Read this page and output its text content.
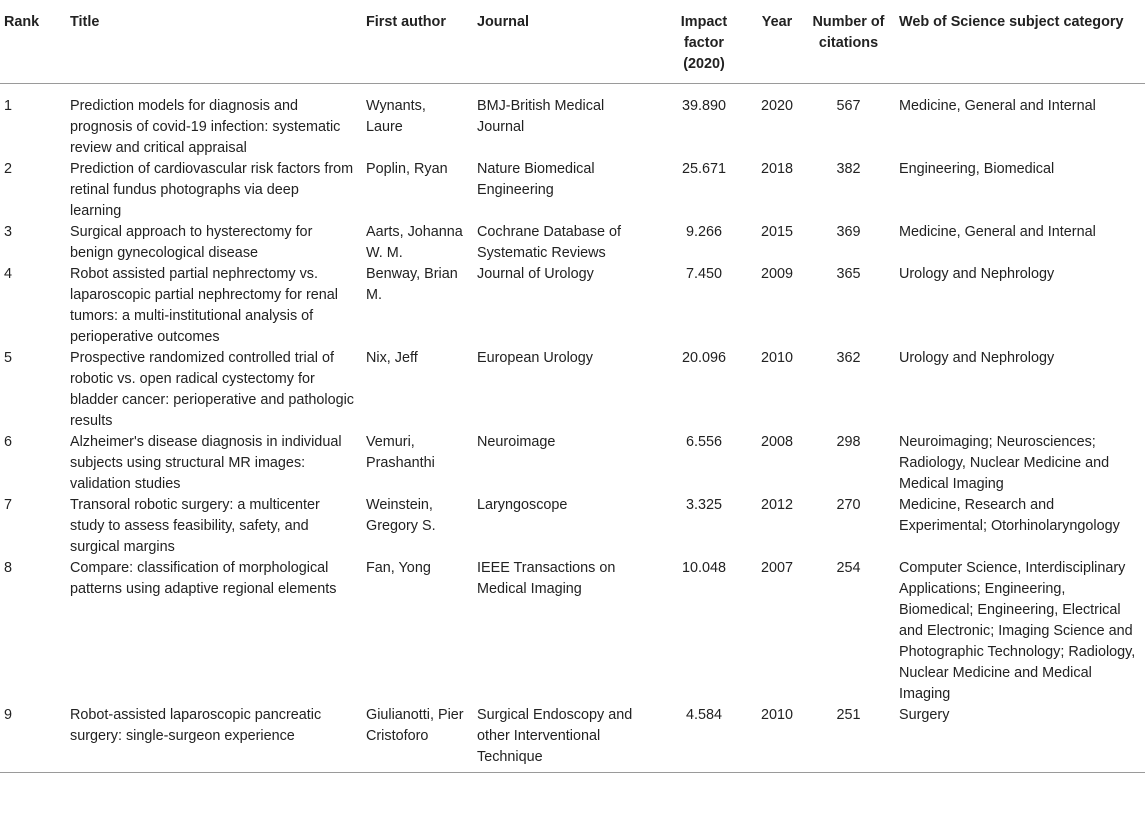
Rank	Title	First author	Journal	Impact factor (2020)	Year	Number of citations	Web of Science subject category
1	Prediction models for diagnosis and prognosis of covid-19 infection: systematic review and critical appraisal	Wynants, Laure	BMJ-British Medical Journal	39.890	2020	567	Medicine, General and Internal
2	Prediction of cardiovascular risk factors from retinal fundus photographs via deep learning	Poplin, Ryan	Nature Biomedical Engineering	25.671	2018	382	Engineering, Biomedical
3	Surgical approach to hysterectomy for benign gynecological disease	Aarts, Johanna W. M.	Cochrane Database of Systematic Reviews	9.266	2015	369	Medicine, General and Internal
4	Robot assisted partial nephrectomy vs. laparoscopic partial nephrectomy for renal tumors: a multi-institutional analysis of perioperative outcomes	Benway, Brian M.	Journal of Urology	7.450	2009	365	Urology and Nephrology
5	Prospective randomized controlled trial of robotic vs. open radical cystectomy for bladder cancer: perioperative and pathologic results	Nix, Jeff	European Urology	20.096	2010	362	Urology and Nephrology
6	Alzheimer's disease diagnosis in individual subjects using structural MR images: validation studies	Vemuri, Prashanthi	Neuroimage	6.556	2008	298	Neuroimaging; Neurosciences; Radiology, Nuclear Medicine and Medical Imaging
7	Transoral robotic surgery: a multicenter study to assess feasibility, safety, and surgical margins	Weinstein, Gregory S.	Laryngoscope	3.325	2012	270	Medicine, Research and Experimental; Otorhinolaryngology
8	Compare: classification of morphological patterns using adaptive regional elements	Fan, Yong	IEEE Transactions on Medical Imaging	10.048	2007	254	Computer Science, Interdisciplinary Applications; Engineering, Biomedical; Engineering, Electrical and Electronic; Imaging Science and Photographic Technology; Radiology, Nuclear Medicine and Medical Imaging
9	Robot-assisted laparoscopic pancreatic surgery: single-surgeon experience	Giulianotti, Pier Cristoforo	Surgical Endoscopy and other Interventional Technique	4.584	2010	251	Surgery
